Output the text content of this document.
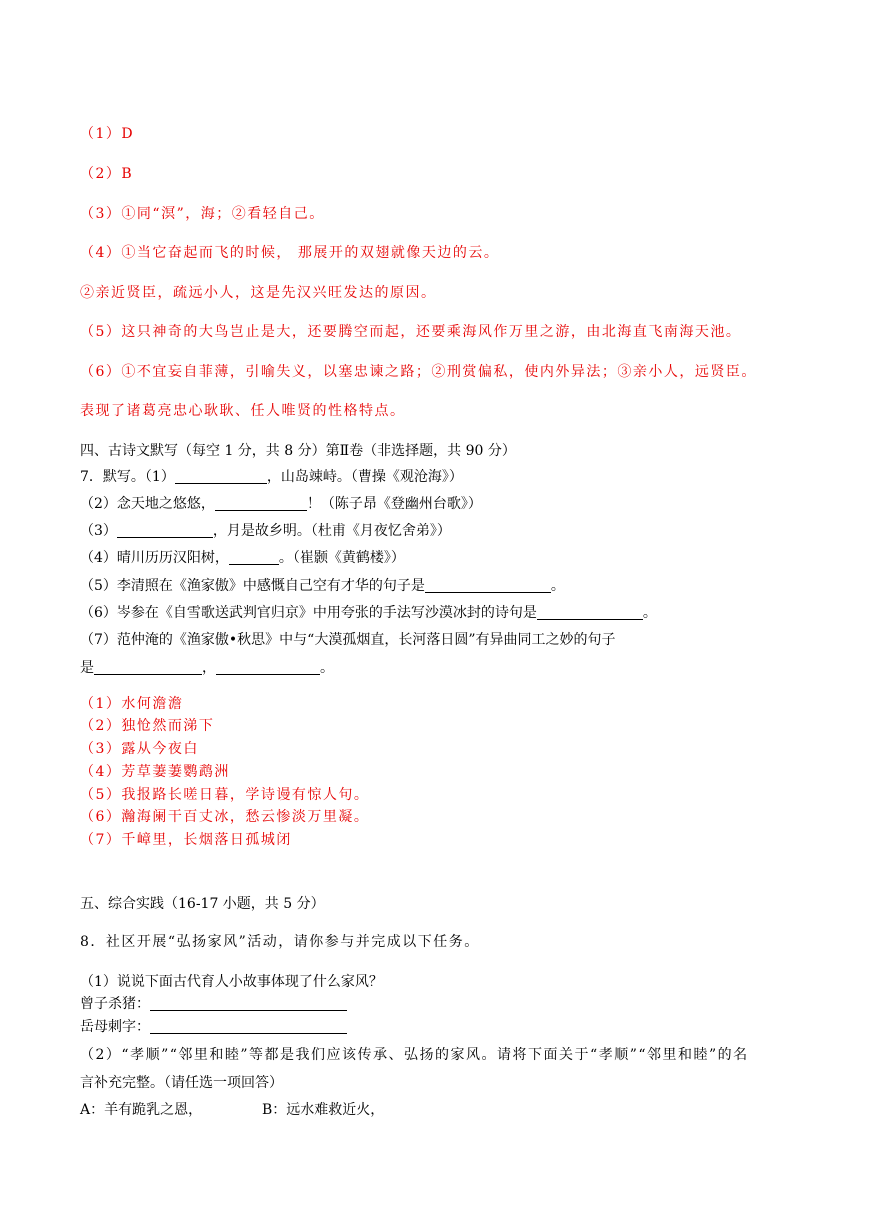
（1）D
（2）B
（3）①同“溟”，海；②看轻自己。
（4）①当它奋起而飞的时候， 那展开的双翅就像天边的云。
②亲近贤臣，疏远小人，这是先汉兴旺发达的原因。
（5）这只神奇的大鸟岂止是大，还要腾空而起，还要乘海风作万里之游，由北海直飞南海天池。
（6）①不宜妄自菲薄，引喻失义，以塞忠谏之路；②刑赏偏私，使内外异法；③亲小人，远贤臣。
表现了诸葛亮忠心耿耿、任人唯贤的性格特点。
四、古诗文默写（每空 1 分，共 8 分）第Ⅱ卷（非选择题，共 90 分）
7．默写。（1）	，山岛竦峙。（曹操《观沧海》）
（2）念天地之悠悠，	！（陈子昂《登幽州台歌》）
（3）	，月是故乡明。（杜甫《月夜忆舍弟》）
（4）晴川历历汉阳树，	。（崔颢《黄鹤楼》）
（5）李清照在《渔家傲》中感慨自己空有才华的句子是	。
（6）岑参在《自雪歌送武判官归京》中用夸张的手法写沙漠冰封的诗句是	。
（7）范仲淹的《渔家傲•秋思》中与“大漠孤烟直，长河落日圆”有异曲同工之妙的句子
是	，	。
（1）水何澹澹
（2）独怆然而涕下
（3）露从今夜白
（4）芳草萋萋鹦鹉洲
（5）我报路长嗟日暮，学诗谩有惊人句。
（6）瀚海阑干百丈冰，愁云惨淡万里凝。
（7）千嶂里，长烟落日孤城闭
五、综合实践（16-17 小题，共 5 分）
8．社区开展“弘扬家风”活动，请你参与并完成以下任务。
（1）说说下面古代育人小故事体现了什么家风？
曾子杀猪：
岳母刺字：
（2）“孝顺”“邻里和睦”等都是我们应该传承、弘扬的家风。请将下面关于“孝顺”“邻里和睦”的名
言补充完整。（请任选一项回答）
A：羊有跪乳之恩，	B：远水难救近火，
